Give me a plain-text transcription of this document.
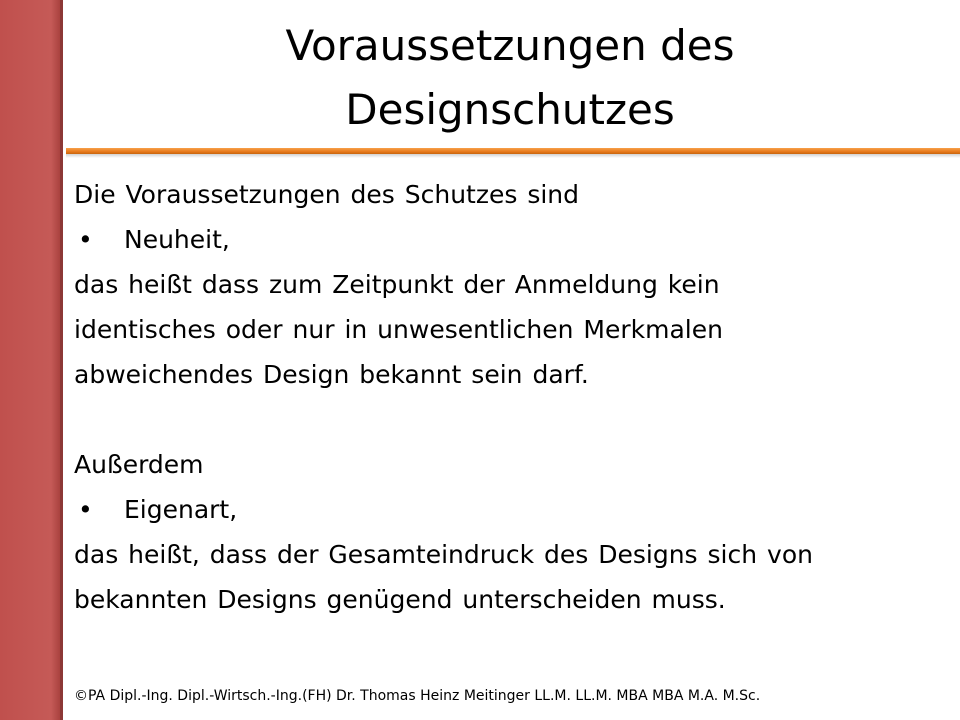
Voraussetzungen des
Designschutzes

Die Voraussetzungen des Schutzes sind

•	Neuheit,

das heißt dass zum Zeitpunkt der Anmeldung kein

identisches oder nur in unwesentlichen Merkmalen

abweichendes Design bekannt sein darf.

Außerdem

•	Eigenart,

das heißt, dass der Gesamteindruck des Designs sich von

bekannten Designs genügend unterscheiden muss.

©PA Dipl.-Ing. Dipl.-Wirtsch.-Ing.(FH) Dr. Thomas Heinz Meitinger LL.M. LL.M. MBA MBA M.A. M.Sc.
